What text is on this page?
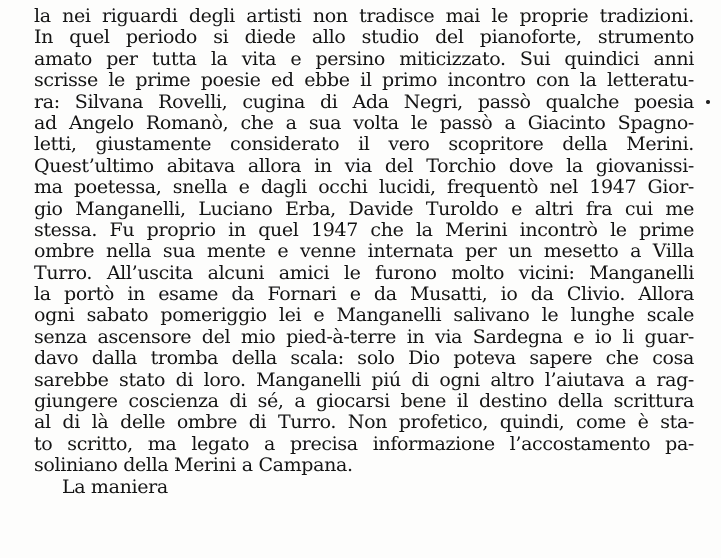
la nei riguardi degli artisti non tradisce mai le proprie tradizioni.
In quel periodo si diede allo studio del pianoforte, strumento
amato per tutta la vita e persino miticizzato. Sui quindici anni
scrisse le prime poesie ed ebbe il primo incontro con la letteratu-
ra: Silvana Rovelli, cugina di Ada Negri, passò qualche poesia
ad Angelo Romanò, che a sua volta le passò a Giacinto Spagno-
letti, giustamente considerato il vero scopritore della Merini.
Quest’ultimo abitava allora in via del Torchio dove la giovanissi-
ma poetessa, snella e dagli occhi lucidi, frequentò nel 1947 Gior-
gio Manganelli, Luciano Erba, Davide Turoldo e altri fra cui me
stessa. Fu proprio in quel 1947 che la Merini incontrò le prime
ombre nella sua mente e venne internata per un mesetto a Villa
Turro. All’uscita alcuni amici le furono molto vicini: Manganelli
la portò in esame da Fornari e da Musatti, io da Clivio. Allora
ogni sabato pomeriggio lei e Manganelli salivano le lunghe scale
senza ascensore del mio pied-à-terre in via Sardegna e io li guar-
davo dalla tromba della scala: solo Dio poteva sapere che cosa
sarebbe stato di loro. Manganelli piú di ogni altro l’aiutava a rag-
giungere coscienza di sé, a giocarsi bene il destino della scrittura
al di là delle ombre di Turro. Non profetico, quindi, come è sta-
to scritto, ma legato a precisa informazione l’accostamento pa-
soliniano della Merini a Campana.
La maniera
